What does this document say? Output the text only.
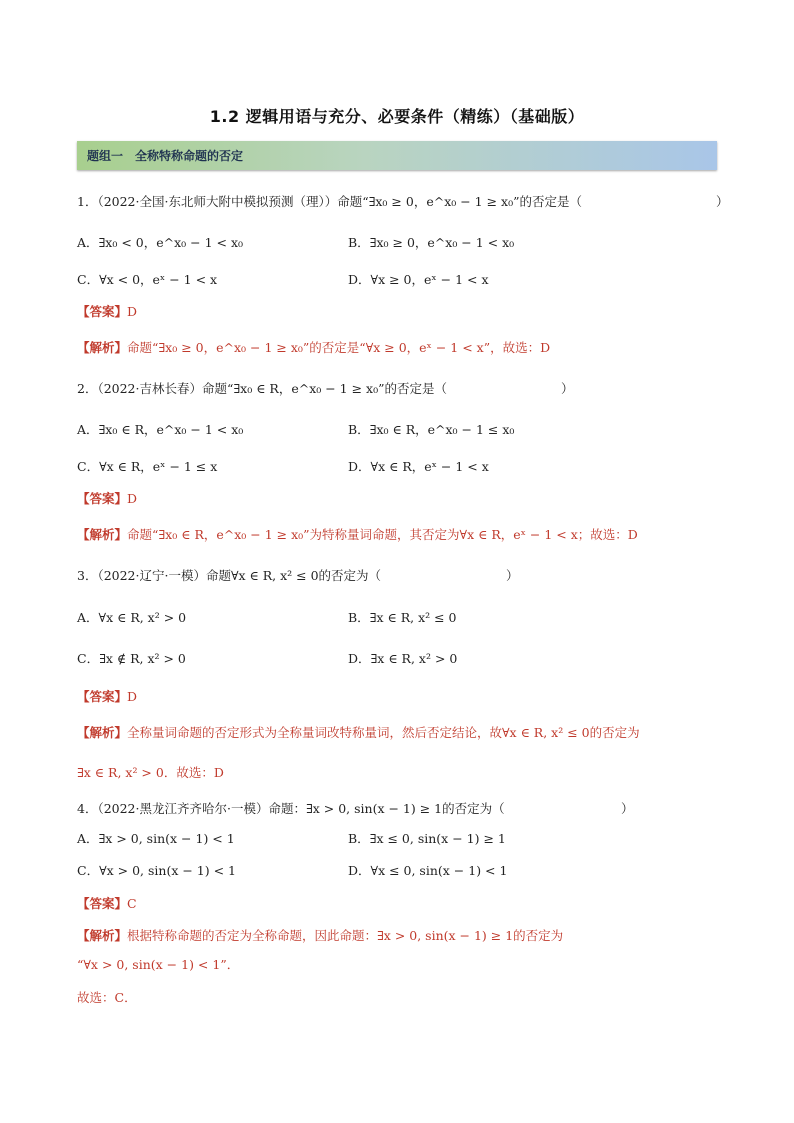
1.2 逻辑用语与充分、必要条件（精练）（基础版）
题组一　全称特称命题的否定
1．（2022·全国·东北师大附中模拟预测（理））命题“∃x₀ ≥ 0，e^x₀ − 1 ≥ x₀”的否定是（	）
A．∃x₀ < 0，e^x₀ − 1 < x₀	B．∃x₀ ≥ 0，e^x₀ − 1 < x₀
C．∀x < 0，eˣ − 1 < x	D．∀x ≥ 0，eˣ − 1 < x
【答案】D
【解析】命题“∃x₀ ≥ 0，e^x₀ − 1 ≥ x₀”的否定是“∀x ≥ 0，eˣ − 1 < x”，故选：D
2．（2022·吉林长春）命题“∃x₀ ∈ R，e^x₀ − 1 ≥ x₀”的否定是（	）
A．∃x₀ ∈ R，e^x₀ − 1 < x₀	B．∃x₀ ∈ R，e^x₀ − 1 ≤ x₀
C．∀x ∈ R，eˣ − 1 ≤ x	D．∀x ∈ R，eˣ − 1 < x
【答案】D
【解析】命题“∃x₀ ∈ R，e^x₀ − 1 ≥ x₀”为特称量词命题，其否定为∀x ∈ R，eˣ − 1 < x；故选：D
3．（2022·辽宁·一模）命题∀x ∈ R, x² ≤ 0的否定为（	）
A．∀x ∈ R, x² > 0	B．∃x ∈ R, x² ≤ 0
C．∃x ∉ R, x² > 0	D．∃x ∈ R, x² > 0
【答案】D
【解析】全称量词命题的否定形式为全称量词改特称量词，然后否定结论，故∀x ∈ R, x² ≤ 0的否定为
∃x ∈ R, x² > 0．故选：D
4．（2022·黑龙江齐齐哈尔·一模）命题：∃x > 0, sin(x − 1) ≥ 1的否定为（	）
A．∃x > 0, sin(x − 1) < 1	B．∃x ≤ 0, sin(x − 1) ≥ 1
C．∀x > 0, sin(x − 1) < 1	D．∀x ≤ 0, sin(x − 1) < 1
【答案】C
【解析】根据特称命题的否定为全称命题，因此命题：∃x > 0, sin(x − 1) ≥ 1的否定为
“∀x > 0, sin(x − 1) < 1”．
故选：C．
